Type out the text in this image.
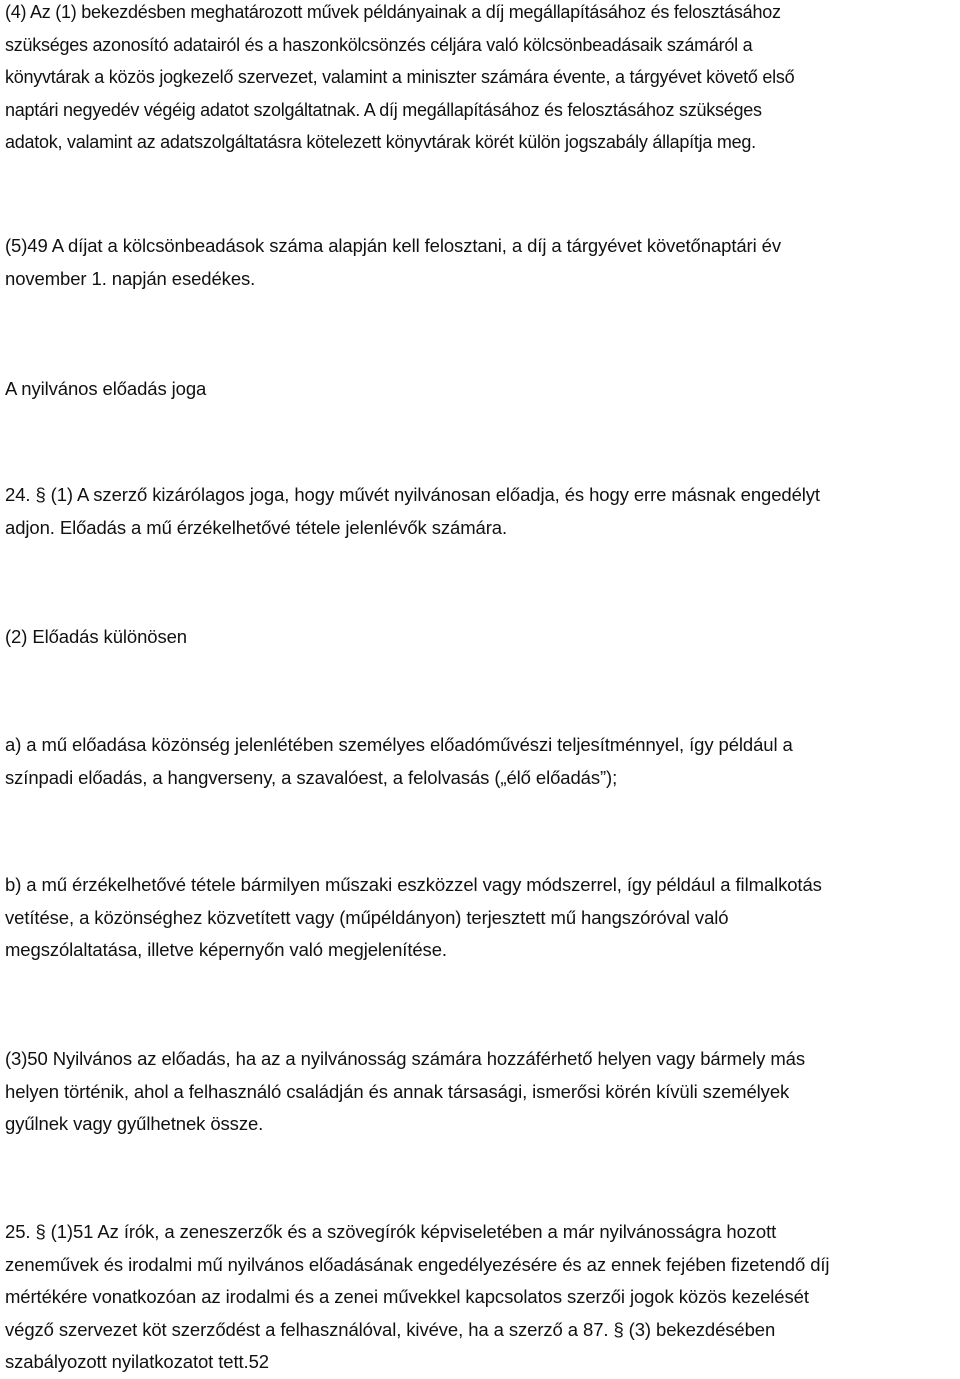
(4) Az (1) bekezdésben meghatározott művek példányainak a díj megállapításához és felosztásához
szükséges azonosító adatairól és a haszonkölcsönzés céljára való kölcsönbeadásaik számáról a
könyvtárak a közös jogkezelő szervezet, valamint a miniszter számára évente, a tárgyévet követő első
naptári negyedév végéig adatot szolgáltatnak. A díj megállapításához és felosztásához szükséges
adatok, valamint az adatszolgáltatásra kötelezett könyvtárak körét külön jogszabály állapítja meg.

(5)49 A díjat a kölcsönbeadások száma alapján kell felosztani, a díj a tárgyévet követőnaptári év
november 1. napján esedékes.

A nyilvános előadás joga

24. § (1) A szerző kizárólagos joga, hogy művét nyilvánosan előadja, és hogy erre másnak engedélyt
adjon. Előadás a mű érzékelhetővé tétele jelenlévők számára.

(2) Előadás különösen

a) a mű előadása közönség jelenlétében személyes előadóművészi teljesítménnyel, így például a
színpadi előadás, a hangverseny, a szavalóest, a felolvasás („élő előadás”);

b) a mű érzékelhetővé tétele bármilyen műszaki eszközzel vagy módszerrel, így például a filmalkotás
vetítése, a közönséghez közvetített vagy (műpéldányon) terjesztett mű hangszóróval való
megszólaltatása, illetve képernyőn való megjelenítése.

(3)50 Nyilvános az előadás, ha az a nyilvánosság számára hozzáférhető helyen vagy bármely más
helyen történik, ahol a felhasználó családján és annak társasági, ismerősi körén kívüli személyek
gyűlnek vagy gyűlhetnek össze.

25. § (1)51 Az írók, a zeneszerzők és a szövegírók képviseletében a már nyilvánosságra hozott
zeneművek és irodalmi mű nyilvános előadásának engedélyezésére és az ennek fejében fizetendő díj
mértékére vonatkozóan az irodalmi és a zenei művekkel kapcsolatos szerzői jogok közös kezelését
végző szervezet köt szerződést a felhasználóval, kivéve, ha a szerző a 87. § (3) bekezdésében
szabályozott nyilatkozatot tett.52
